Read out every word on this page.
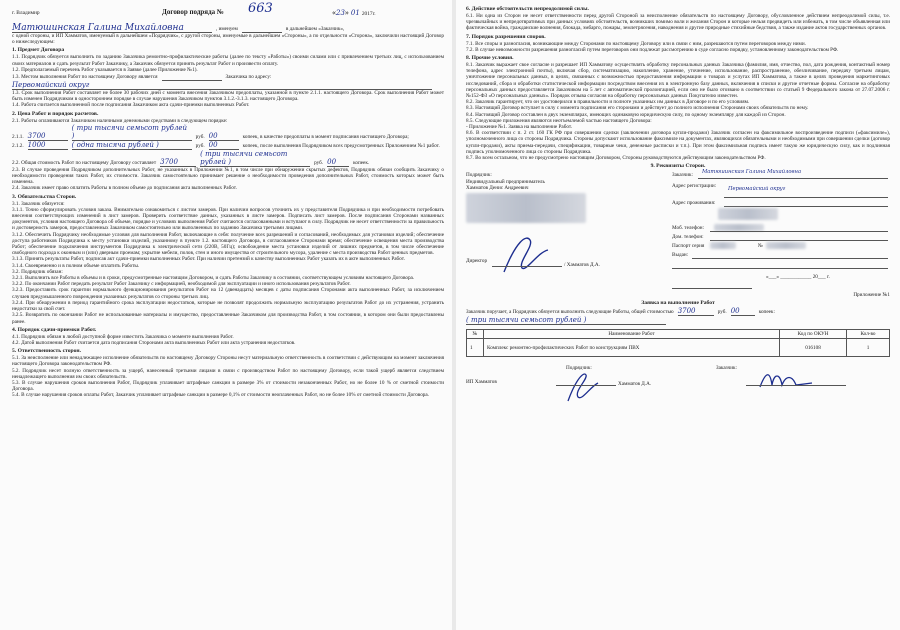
г. Владимир	Договор подряда № 663	«23» 01 2017г.
Матюшинская Галина Михайловна	, именуем	в дальнейшем «Заказчик»,

с одной стороны, и ИП Хамматов, именуемый в дальнейшем «Подрядчик», с другой стороны, именуемые в дальнейшем «Стороны», а по отдельности «Сторона», заключили настоящий Договор о нижеследующем:

1. Предмет Договора

1.1. Подрядчик обязуется выполнить по заданию Заказчика ремонтно-профилактические работы (далее по тексту «Работы») своими силами или с привлечением третьих лиц, с использованием своих материалов и сдать результат Работ Заказчику, а Заказчик обязуется принять результат Работ и произвести оплату.

1.2. Предполагаемый перечень Работ указывается в Заявке (далее Приложение №1).

1.3. Местом выполнения Работ по настоящему Договору является	Заказчика по адресу:
Первомайский округ

1.3. Срок выполнения Работ составляет не более 30 рабочих дней с момента внесения Заказчиком предоплаты, указанной в пункте 2.1.1. настоящего Договора. Срок выполнения Работ может быть изменен Подрядчиком в одностороннем порядке в случае нарушения Заказчиком пунктов 3.1.2.-3.1.3. настоящего Договора.

1.4. Работа считается выполненной после подписания Заказчиком акта сдачи-приемки выполненных Работ.

2. Цена Работ и порядок расчетов.

2.1. Работы оплачиваются Заказчиком наличными денежными средствами в следующем порядке:

2.1.1. 3700
( три тысячи семьсот рублей )	руб. 00	копеек, в качестве предоплаты в момент подписания настоящего Договора;
2.1.2. 1000	( одна тысяча рублей )	руб. 00	копеек, после выполнения Подрядчиком всех предусмотренных Приложением №1 работ.
2.2. Общая стоимость Работ по настоящему Договору составляет 3700
( три тысячи семьсот рублей )	руб. 00	копеек.

2.3. В случае проведения Подрядчиком дополнительных Работ, не указанных в Приложении №1, в том числе при обнаружении скрытых дефектов, Подрядчик обязан сообщить Заказчику о необходимости проведения таких Работ, их стоимости. Заказчик самостоятельно принимает решение о необходимости проведения дополнительных Работ, стоимость которых может быть изменена.

2.4. Заказчик имеет право оплатить Работы в полном объеме до подписания акта выполненных Работ.

3. Обязательства Сторон.

3.1. Заказчик обязуется:

3.1.1. Точно сформулировать условия заказа. Внимательно ознакомиться с листом замеров. При наличии вопросов уточнить их у представителя Подрядчика и при необходимости потребовать внесения соответствующих изменений в лист замеров. Проверить соответствие данных, указанных в листе замеров. Подписать лист замеров. После подписания Сторонами названных документов, условия настоящего Договора об объеме, порядке и условиях выполнения Работ считаются согласованными и вступают в силу. Подрядчик не несет ответственности за правильность и достоверность замеров, предоставленных Заказчиком самостоятельно или выполненных по заданию Заказчика третьими лицами.

3.1.2. Обеспечить Подрядчику необходимые условия для выполнения Работ, включающие в себя: получение всех разрешений и согласований, необходимых для установки изделий; обеспечение доступа работников Подрядчика к месту установки изделий, указанному в пункте 1.2. настоящего Договора, в согласованное Сторонами время; обеспечение освещения места производства Работ; обеспечение подключения инструментов Подрядчика к электрической сети (220В, 50Гц); освобождение места установки изделий от лишних предметов, в том числе обеспечение свободного подхода к оконным и (или) дверным проемам; укрытие мебели, полов, стен и иного имущества от строительного мусора, удаление с места производства Работ ценных предметов.

3.1.3. Принять результаты Работ, подписав акт сдачи-приемки выполненных Работ. При наличии претензий к качеству выполненных Работ указать их в акте выполненных Работ.

3.1.4. Своевременно и в полном объеме оплатить Работы.

3.2. Подрядчик обязан:

3.2.1. Выполнить все Работы в объемы и в сроки, предусмотренные настоящим Договором, и сдать Работы Заказчику в состоянии, соответствующем условиям настоящего Договора.

3.2.2. По окончании Работ передать результат Работ Заказчику с информацией, необходимой для эксплуатации и иного использования результатов Работ.

3.2.3. Предоставить срок гарантии нормального функционирования результатов Работ на 12 (двенадцать) месяцев с даты подписания Сторонами акта выполненных Работ, за исключением случаев предумышленного повреждения указанных результатов со стороны третьих лиц.

3.2.4. При обнаружении в период гарантийного срока эксплуатации недостатков, которые не позволят продолжить нормальную эксплуатацию результатов Работ до их устранения, устранить недостатки за свой счет.

3.2.5. Возвратить по окончании Работ не использованные материалы и имущество, предоставленные Заказчиком для производства Работ, в том состоянии, в котором они были предоставлены ранее.

4. Порядок сдачи-приемки Работ.

4.1. Подрядчик обязан в любой доступной форме известить Заказчика о моменте выполнения Работ.

4.2. Датой выполнения Работ считается дата подписания Сторонами акта выполненных Работ или акта устранения недостатков.

5. Ответственность сторон.

5.1. За неисполнение или ненадлежащее исполнение обязательств по настоящему Договору Стороны несут материальную ответственность в соответствии с действующим на момент заключения настоящего Договора законодательством РФ.

5.2. Подрядчик несет полную ответственность за ущерб, нанесенный третьими лицами в связи с производством Работ по настоящему Договору, если такой ущерб является следствием ненадлежащего выполнения им своих обязательств.

5.3. В случае нарушения сроков выполнения Работ, Подрядчик уплачивает штрафные санкции в размере 3% от стоимости незаконченных Работ, но не более 10 % от сметной стоимости Договора.

5.4. В случае нарушения сроков оплаты Работ, Заказчик уплачивает штрафные санкции в размере 0,1% от стоимости неоплаченных Работ, но не более 10% от сметной стоимости Договора.

6. Действие обстоятельств непреодолимой силы.

6.1. Ни одна из Сторон не несет ответственности перед другой Стороной за неисполнение обязательств по настоящему Договору, обусловленное действием непреодолимой силы, т.е. чрезвычайных и непредотвратимых при данных условиях обстоятельств, возникших помимо воли и желания Сторон и которые нельзя предвидеть или избежать, в том числе объявленная или фактическая война, гражданские волнения, блокада, эмбарго, пожары, землетрясения, наводнения и другие природные стихийные бедствия, а также издание актов государственных органов.

7. Порядок разрешения споров.

7.1. Все споры и разногласия, возникающие между Сторонами по настоящему Договору или в связи с ним, разрешаются путем переговоров между ними.

7.2. В случае невозможности разрешения разногласий путем переговоров они подлежат рассмотрению в суде согласно порядку, установленному законодательством РФ.

8. Прочие условия.

8.1. Заказчик выражает свое согласие и разрешает ИП Хамматову осуществлять обработку персональных данных Заказчика (фамилия, имя, отчество, пол, дата рождения, контактный номер телефона, адрес электронной почты), включая сбор, систематизацию, накопление, хранение, уточнение, использование, распространение, обезличивание, передачу третьим лицам, уничтожение персональных данных, в целях, связанных с возможностью предоставления информации о товарах и услугах ИП Хамматова, а также в целях проведения маркетинговых исследований, сбора и обработки статистической информации посредством внесения их в электронную базу данных, включения в списки и другие отчетные формы. Согласие на обработку персональных данных предоставляется Заказчиком на 5 лет с автоматической пролонгацией, если оно не было отозвано в соответствии со статьей 9 Федерального закона от 27.07.2006 г. №152-ФЗ «О персональных данных». Порядок отзыва согласия на обработку персональных данных Покупателю известен.

8.2. Заказчик гарантирует, что он удостоверился в правильности и полноте указанных им данных в Договоре и по его условиям.

8.3. Настоящий Договор вступает в силу с момента подписания его сторонами и действует до полного исполнения Сторонами своих обязательств по нему.

8.4. Настоящий Договор составлен в двух экземплярах, имеющих одинаковую юридическую силу, по одному экземпляру для каждой из Сторон.

8.5. Следующие приложения являются неотъемлемой частью настоящего Договора:

- Приложение №1. Заявка на выполнение Работ.

8.6. В соответствии с п. 2 ст. 160 ГК РФ при совершении сделки (заключении договора купли-продажи) Заказчик согласен на факсимильное воспроизведение подписи («факсимиле»), уполномоченного лица со стороны Подрядчика. Стороны допускают использование факсимиле на документах, являющихся обязательными и необходимыми при совершении сделки (договор купли-продажи), акты приема-передачи, спецификации, товарные чеки, денежные расписки и т.п.). При этом факсимильная подпись имеет такую же юридическую силу, как и подлинная подпись уполномоченного лица со стороны Подрядчика.

8.7. Во всем остальном, что не предусмотрено настоящим Договором, Стороны руководствуются действующим законодательством РФ.

9. Реквизиты Сторон.

Подрядчик:
Индивидуальный предприниматель
Хамматов Денис Андреевич
Директор
/ Хамматов Д.А.
Заказчик: Матюшинская Галина Михайловна
Адрес регистрации: Первомайский округ
Адрес проживания:
Моб. телефон:
Дом. телефон:
Паспорт серия	№
Выдан:
«___» ____________ 20___ г.

Приложение №1

Заявка на выполнение Работ

Заказчик поручает, а Подрядчик обязуется выполнить следующие Работы, общей стоимостью 3700	руб. 00	копеек:
( три тысячи семьсот рублей )
№	Наименование Работ	Код по ОКУН	Кол-во
1	Комплекс ремонтно-профилактических Работ по конструкциям ПВХ	016108	1
Подрядчик:
ИП Хамматов	Хамматов Д.А.
Заказчик:
